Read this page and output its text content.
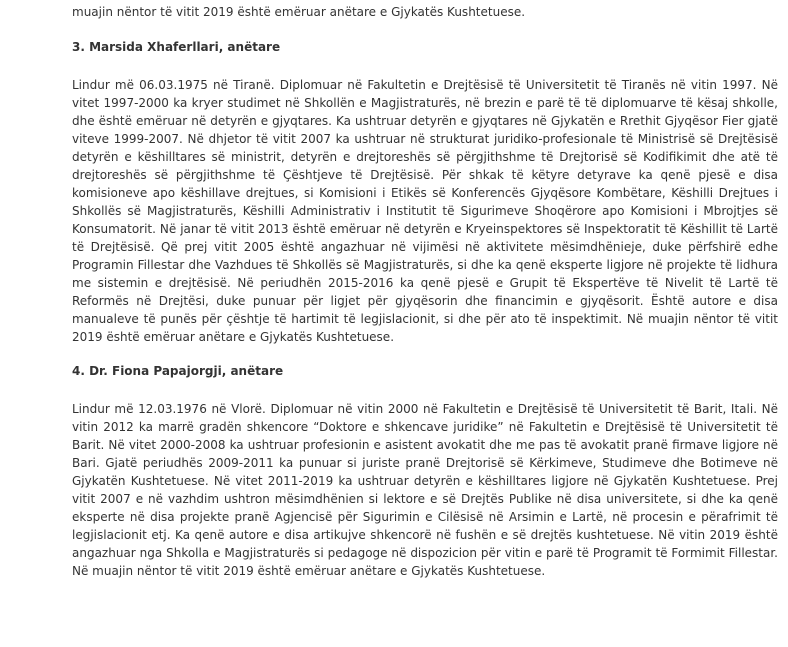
muajin nëntor të vitit 2019 është emëruar anëtare e Gjykatës Kushtetuese.

3. Marsida Xhaferllari, anëtare

Lindur më 06.03.1975 në Tiranë. Diplomuar në Fakultetin e Drejtësisë të Universitetit të Tiranës në vitin 1997. Në vitet 1997-2000 ka kryer studimet në Shkollën e Magjistraturës, në brezin e parë të të diplomuarve të kësaj shkolle, dhe është emëruar në detyrën e gjyqtares. Ka ushtruar detyrën e gjyqtares në Gjykatën e Rrethit Gjyqësor Fier gjatë viteve 1999-2007. Në dhjetor të vitit 2007 ka ushtruar në strukturat juridiko-profesionale të Ministrisë së Drejtësisë detyrën e këshilltares së ministrit, detyrën e drejtoreshës së përgjithshme të Drejtorisë së Kodifikimit dhe atë të drejtoreshës së përgjithshme të Çështjeve të Drejtësisë. Për shkak të këtyre detyrave ka qenë pjesë e disa komisioneve apo këshillave drejtues, si Komisioni i Etikës së Konferencës Gjyqësore Kombëtare, Këshilli Drejtues i Shkollës së Magjistraturës, Këshilli Administrativ i Institutit të Sigurimeve Shoqërore apo Komisioni i Mbrojtjes së Konsumatorit. Në janar të vitit 2013 është emëruar në detyrën e Kryeinspektores së Inspektoratit të Këshillit të Lartë të Drejtësisë. Që prej vitit 2005 është angazhuar në vijimësi në aktivitete mësimdhënieje, duke përfshirë edhe Programin Fillestar dhe Vazhdues të Shkollës së Magjistraturës, si dhe ka qenë eksperte ligjore në projekte të lidhura me sistemin e drejtësisë. Në periudhën 2015-2016 ka qenë pjesë e Grupit të Ekspertëve të Nivelit të Lartë të Reformës në Drejtësi, duke punuar për ligjet për gjyqësorin dhe financimin e gjyqësorit. Është autore e disa manualeve të punës për çështje të hartimit të legjislacionit, si dhe për ato të inspektimit. Në muajin nëntor të vitit 2019 është emëruar anëtare e Gjykatës Kushtetuese.

4. Dr. Fiona Papajorgji, anëtare

Lindur më 12.03.1976 në Vlorë. Diplomuar në vitin 2000 në Fakultetin e Drejtësisë të Universitetit të Barit, Itali. Në vitin 2012 ka marrë gradën shkencore “Doktore e shkencave juridike” në Fakultetin e Drejtësisë të Universitetit të Barit. Në vitet 2000-2008 ka ushtruar profesionin e asistent avokatit dhe me pas të avokatit pranë firmave ligjore në Bari. Gjatë periudhës 2009-2011 ka punuar si juriste pranë Drejtorisë së Kërkimeve, Studimeve dhe Botimeve në Gjykatën Kushtetuese. Në vitet 2011-2019 ka ushtruar detyrën e këshilltares ligjore në Gjykatën Kushtetuese. Prej vitit 2007 e në vazhdim ushtron mësimdhënien si lektore e së Drejtës Publike në disa universitete, si dhe ka qenë eksperte në disa projekte pranë Agjencisë për Sigurimin e Cilësisë në Arsimin e Lartë, në procesin e përafrimit të legjislacionit etj. Ka qenë autore e disa artikujve shkencorë në fushën e së drejtës kushtetuese. Në vitin 2019 është angazhuar nga Shkolla e Magjistraturës si pedagoge në dispozicion për vitin e parë të Programit të Formimit Fillestar. Në muajin nëntor të vitit 2019 është emëruar anëtare e Gjykatës Kushtetuese.
